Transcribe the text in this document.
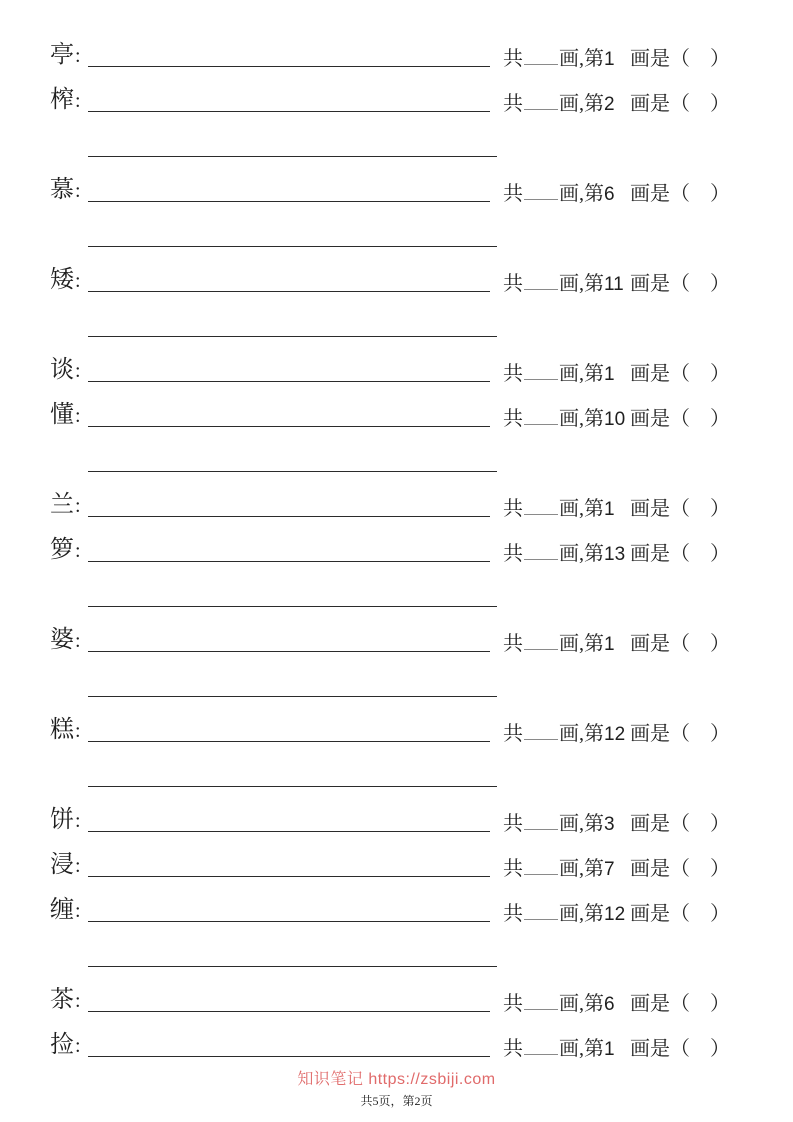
亭:	共 画,第1 画是（ ）
榨:	共 画,第2 画是（ ）
慕:	共 画,第6 画是（ ）
矮:	共 画,第11 画是（ ）
谈:	共 画,第1 画是（ ）
懂:	共 画,第10 画是（ ）
兰:	共 画,第1 画是（ ）
箩:	共 画,第13 画是（ ）
婆:	共 画,第1 画是（ ）
糕:	共 画,第12 画是（ ）
饼:	共 画,第3 画是（ ）
浸:	共 画,第7 画是（ ）
缠:	共 画,第12 画是（ ）
茶:	共 画,第6 画是（ ）
捡:	共 画,第1 画是（ ）
知识笔记 https://zsbiji.com
共5页，第2页
